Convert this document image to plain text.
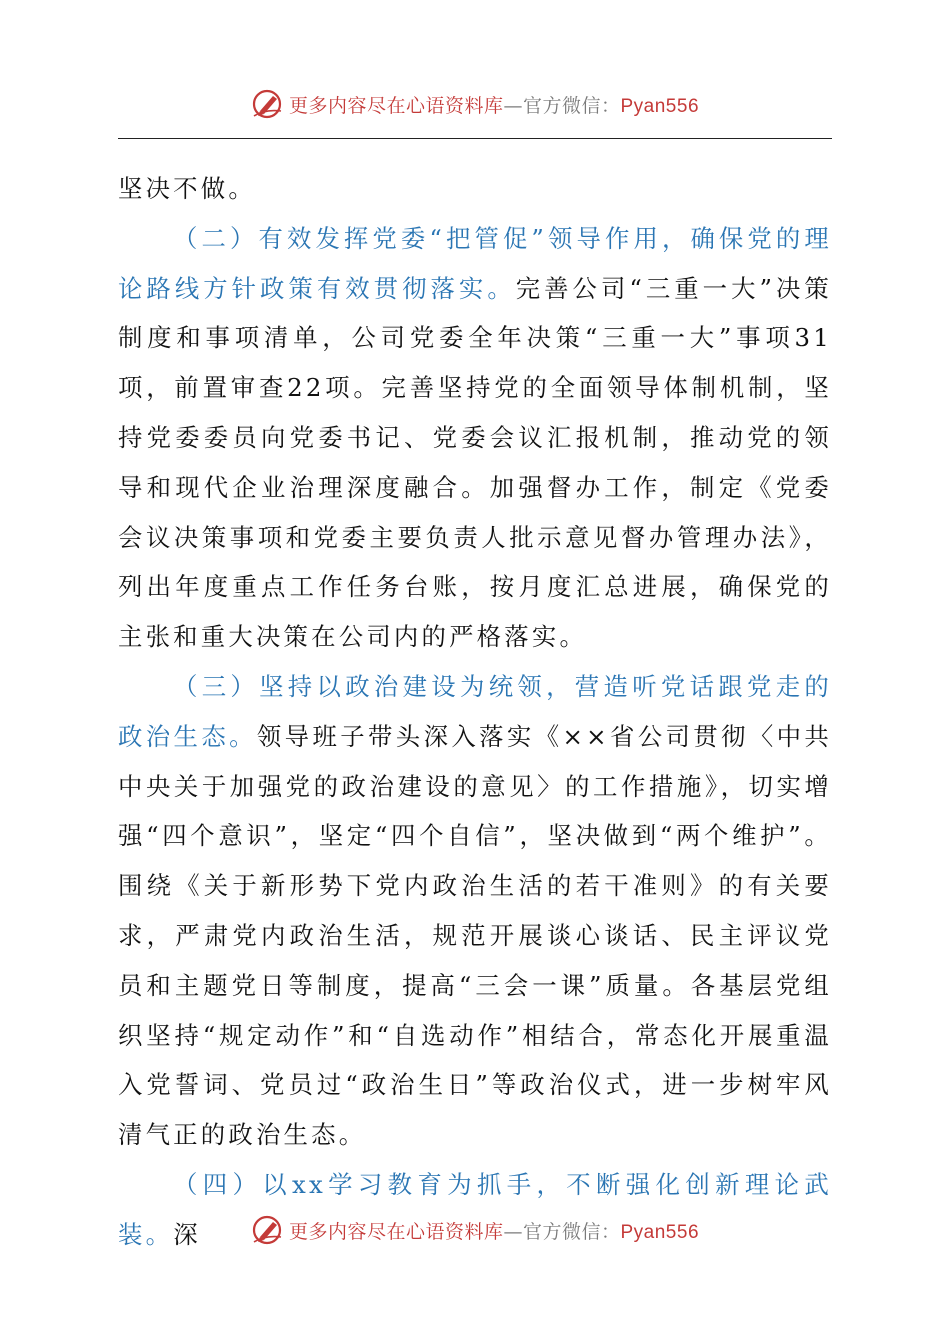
更多内容尽在心语资料库—官方微信：Pyan556

坚决不做。

（二）有效发挥党委“把管促”领导作用，确保党的理论路线方针政策有效贯彻落实。完善公司“三重一大”决策制度和事项清单，公司党委全年决策“三重一大”事项31项，前置审查22项。完善坚持党的全面领导体制机制，坚持党委委员向党委书记、党委会议汇报机制，推动党的领导和现代企业治理深度融合。加强督办工作，制定《党委会议决策事项和党委主要负责人批示意见督办管理办法》，列出年度重点工作任务台账，按月度汇总进展，确保党的主张和重大决策在公司内的严格落实。

（三）坚持以政治建设为统领，营造听党话跟党走的政治生态。领导班子带头深入落实《××省公司贯彻〈中共中央关于加强党的政治建设的意见〉的工作措施》，切实增强“四个意识”，坚定“四个自信”，坚决做到“两个维护”。围绕《关于新形势下党内政治生活的若干准则》的有关要求，严肃党内政治生活，规范开展谈心谈话、民主评议党员和主题党日等制度，提高“三会一课”质量。各基层党组织坚持“规定动作”和“自选动作”相结合，常态化开展重温入党誓词、党员过“政治生日”等政治仪式，进一步树牢风清气正的政治生态。

（四）以xx学习教育为抓手，不断强化创新理论武装。深	更多内容尽在心语资料库—官方微信：Pyan556
